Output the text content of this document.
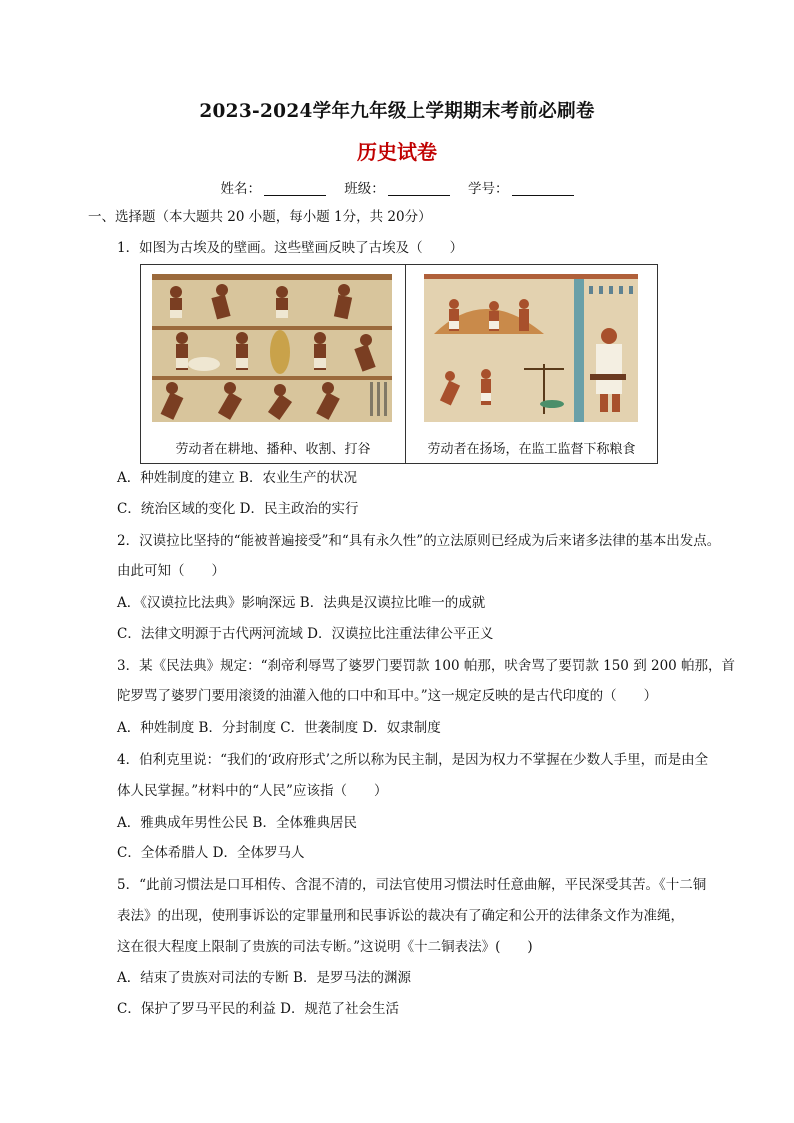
2023-2024学年九年级上学期期末考前必刷卷
历史试卷
姓名：	班级：	学号：
一、选择题（本大题共 20 小题，每小题 1分，共 20分）
1．如图为古埃及的壁画。这些壁画反映了古埃及（　　）
劳动者在耕地、播种、收割、打谷	劳动者在扬场，在监工监督下称粮食
A．种姓制度的建立 B．农业生产的状况
C．统治区域的变化 D．民主政治的实行
2．汉谟拉比坚持的“能被普遍接受”和“具有永久性”的立法原则已经成为后来诸多法律的基本出发点。
由此可知（　　）
A．《汉谟拉比法典》影响深远 B．法典是汉谟拉比唯一的成就
C．法律文明源于古代两河流域 D．汉谟拉比注重法律公平正义
3．某《民法典》规定：“刹帝利辱骂了婆罗门要罚款 100 帕那，吠舍骂了要罚款 150 到 200 帕那，首
陀罗骂了婆罗门要用滚烫的油灌入他的口中和耳中。”这一规定反映的是古代印度的（　　）
A．种姓制度 B．分封制度 C．世袭制度 D．奴隶制度
4．伯利克里说：“我们的‘政府形式’之所以称为民主制，是因为权力不掌握在少数人手里，而是由全
体人民掌握。”材料中的“人民”应该指（　　）
A．雅典成年男性公民 B．全体雅典居民
C．全体希腊人 D．全体罗马人
5．“此前习惯法是口耳相传、含混不清的，司法官使用习惯法时任意曲解，平民深受其苦。《十二铜
表法》的出现，使刑事诉讼的定罪量刑和民事诉讼的裁决有了确定和公开的法律条文作为准绳，
这在很大程度上限制了贵族的司法专断。”这说明《十二铜表法》(　　)
A．结束了贵族对司法的专断 B．是罗马法的渊源
C．保护了罗马平民的利益 D．规范了社会生活
